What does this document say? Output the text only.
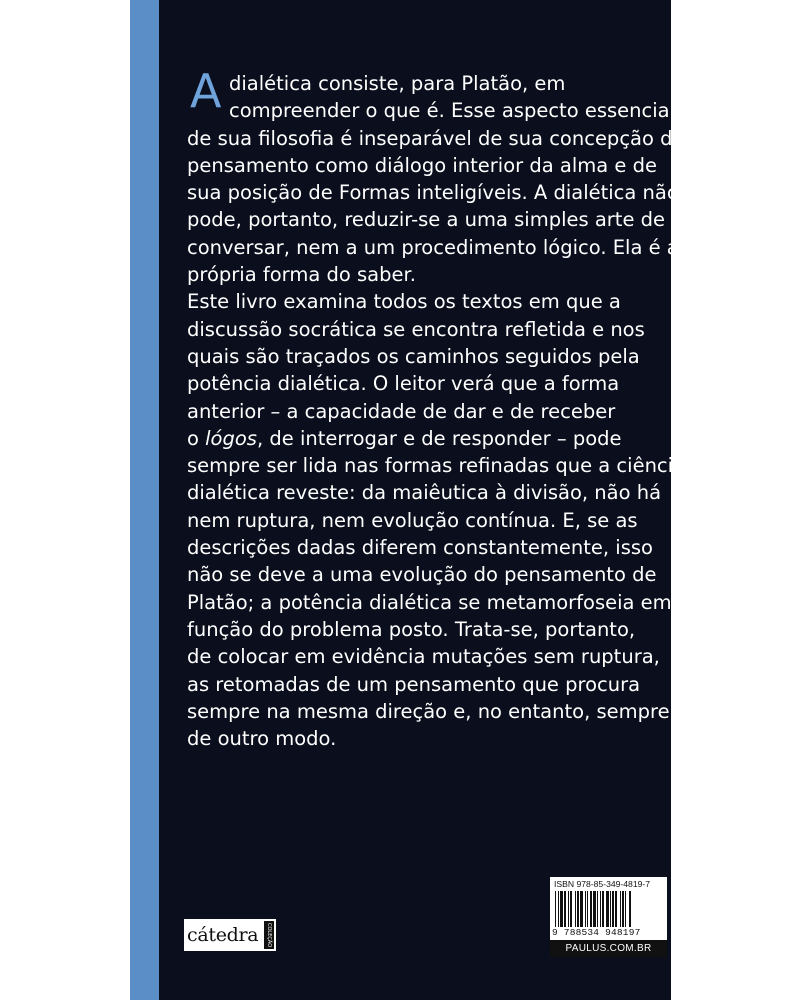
A dialética consiste, para Platão, em
compreender o que é. Esse aspecto essencial
de sua filosofia é inseparável de sua concepção do
pensamento como diálogo interior da alma e de
sua posição de Formas inteligíveis. A dialética não
pode, portanto, reduzir-se a uma simples arte de
conversar, nem a um procedimento lógico. Ela é a
própria forma do saber.
Este livro examina todos os textos em que a
discussão socrática se encontra refletida e nos
quais são traçados os caminhos seguidos pela
potência dialética. O leitor verá que a forma
anterior – a capacidade de dar e de receber
o lógos, de interrogar e de responder – pode
sempre ser lida nas formas refinadas que a ciência
dialética reveste: da maiêutica à divisão, não há
nem ruptura, nem evolução contínua. E, se as
descrições dadas diferem constantemente, isso
não se deve a uma evolução do pensamento de
Platão; a potência dialética se metamorfoseia em
função do problema posto. Trata-se, portanto,
de colocar em evidência mutações sem ruptura,
as retomadas de um pensamento que procura
sempre na mesma direção e, no entanto, sempre
de outro modo.
cátedra	COLEÇÃO
ISBN 978-85-349-4819-7
9 788534 948197
PAULUS.COM.BR
